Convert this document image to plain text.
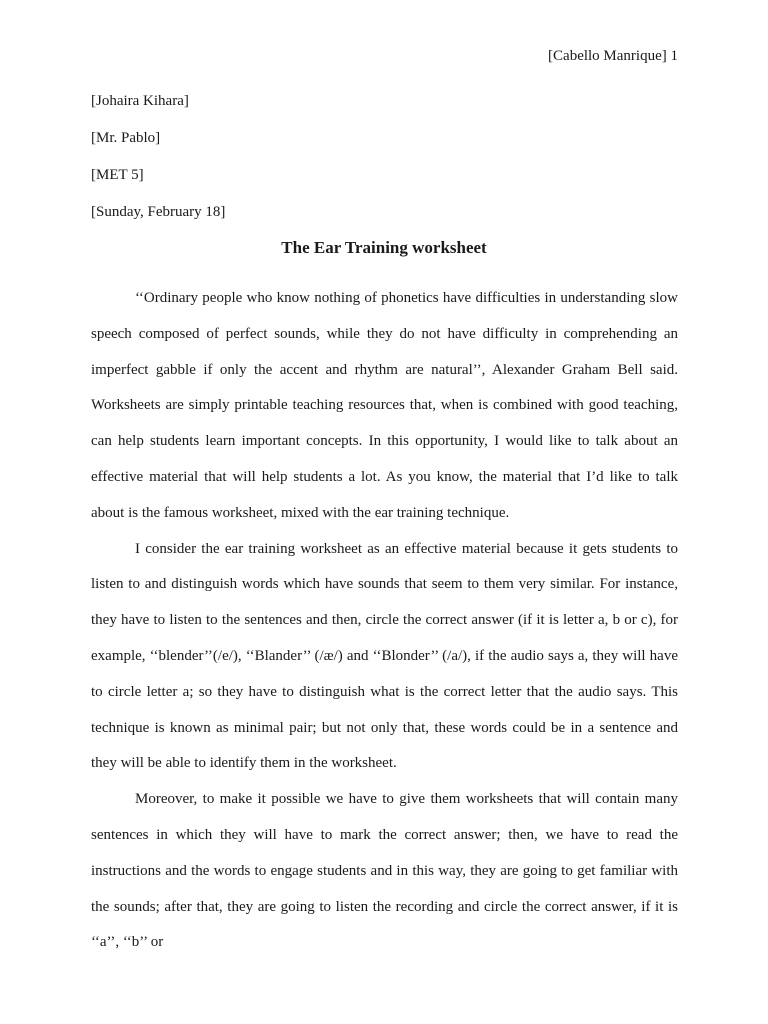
[Cabello Manrique] 1
[Johaira Kihara]
[Mr. Pablo]
[MET 5]
[Sunday, February 18]
The Ear Training worksheet

‘‘Ordinary people who know nothing of phonetics have difficulties in understanding slow speech composed of perfect sounds, while they do not have difficulty in comprehending an imperfect gabble if only the accent and rhythm are natural’’, Alexander Graham Bell said. Worksheets are simply printable teaching resources that, when is combined with good teaching, can help students learn important concepts. In this opportunity, I would like to talk about an effective material that will help students a lot. As you know, the material that I’d like to talk about is the famous worksheet, mixed with the ear training technique.

I consider the ear training worksheet as an effective material because it gets students to listen to and distinguish words which have sounds that seem to them very similar. For instance, they have to listen to the sentences and then, circle the correct answer (if it is letter a, b or c), for example, ‘‘blender’’(/e/), ‘‘Blander’’ (/æ/) and ‘‘Blonder’’ (/a/), if the audio says a, they will have to circle letter a; so they have to distinguish what is the correct letter that the audio says. This technique is known as minimal pair; but not only that, these words could be in a sentence and they will be able to identify them in the worksheet.

Moreover, to make it possible we have to give them worksheets that will contain many sentences in which they will have to mark the correct answer; then, we have to read the instructions and the words to engage students and in this way, they are going to get familiar with the sounds; after that, they are going to listen the recording and circle the correct answer, if it is ‘‘a’’, ‘‘b’’ or
